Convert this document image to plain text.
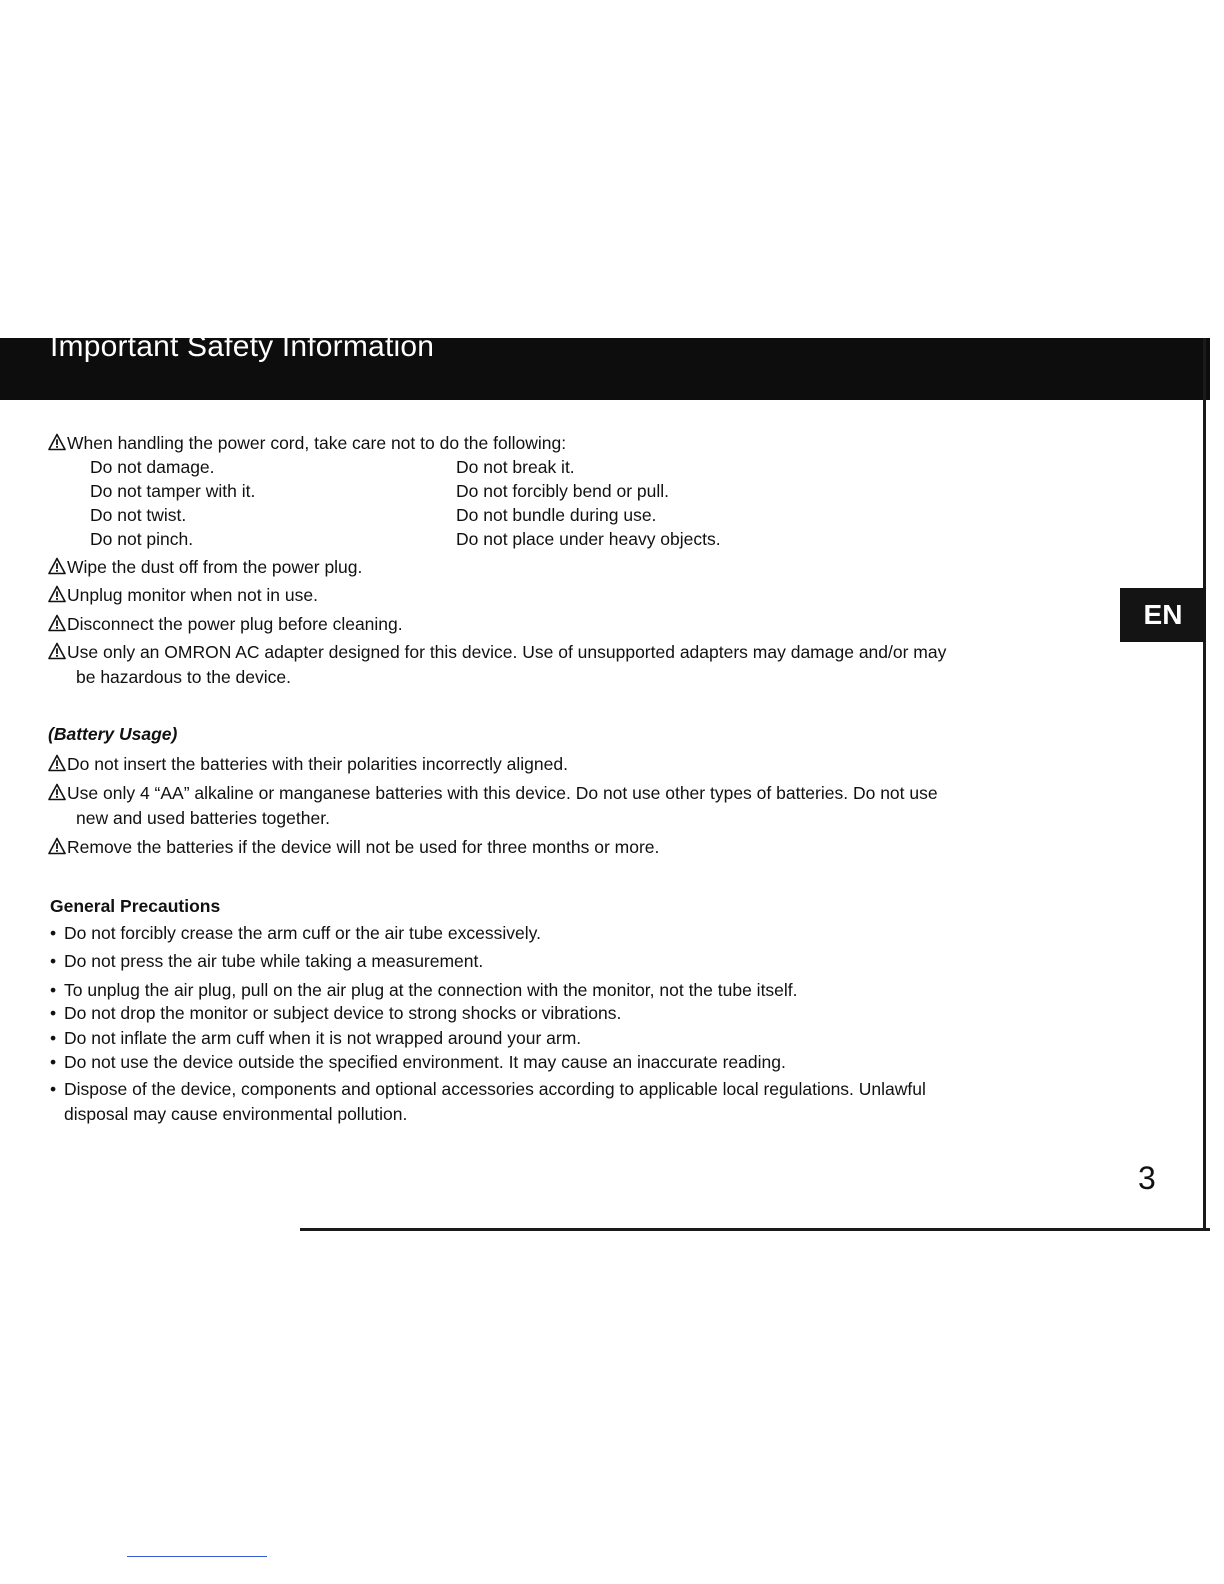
Important Safety Information
EN
3
When handling the power cord, take care not to do the following:
Do not damage.
Do not tamper with it.
Do not twist.
Do not pinch.
Do not break it.
Do not forcibly bend or pull.
Do not bundle during use.
Do not place under heavy objects.
Wipe the dust off from the power plug.
Unplug monitor when not in use.
Disconnect the power plug before cleaning.
Use only an OMRON AC adapter designed for this device. Use of unsupported adapters may damage and/or may
be hazardous to the device.
(Battery Usage)
Do not insert the batteries with their polarities incorrectly aligned.
Use only 4 “AA” alkaline or manganese batteries with this device. Do not use other types of batteries. Do not use
new and used batteries together.
Remove the batteries if the device will not be used for three months or more.
General Precautions
• Do not forcibly crease the arm cuff or the air tube excessively.
• Do not press the air tube while taking a measurement.
• To unplug the air plug, pull on the air plug at the connection with the monitor, not the tube itself.
• Do not drop the monitor or subject device to strong shocks or vibrations.
• Do not inflate the arm cuff when it is not wrapped around your arm.
• Do not use the device outside the specified environment. It may cause an inaccurate reading.
• Dispose of the device, components and optional accessories according to applicable local regulations. Unlawful
disposal may cause environmental pollution.
